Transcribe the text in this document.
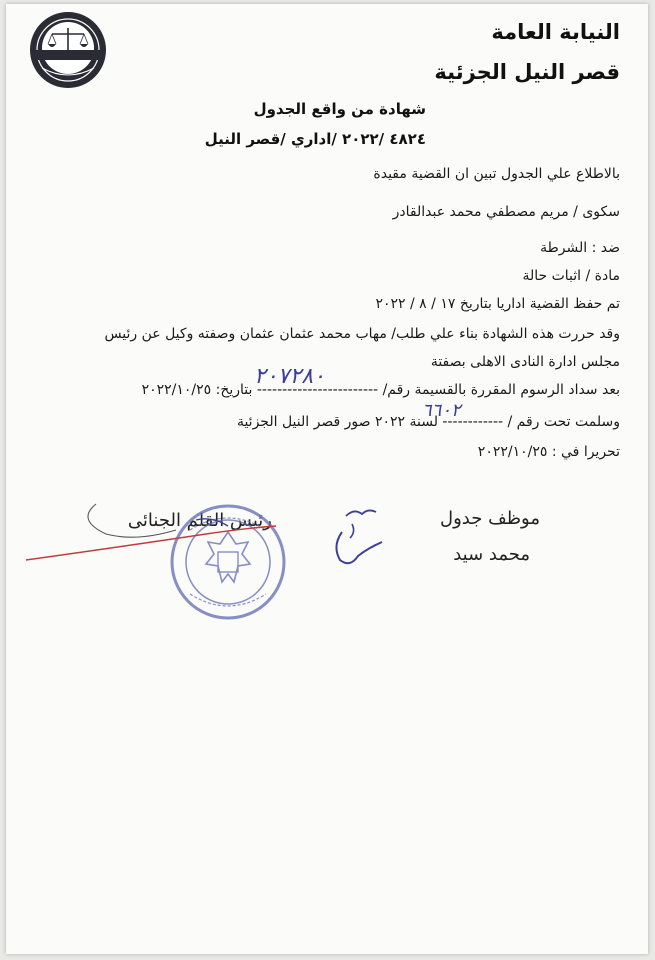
النيابة العامة
قصر النيل الجزئية
شهادة من واقع الجدول
٤٨٢٤ /٢٠٢٢ /اداري /قصر النيل
بالاطلاع علي الجدول تبين ان القضية مقيدة
سكوى / مريم مصطفي محمد عبدالقادر
ضد : الشرطة
مادة / اثبات حالة
تم حفظ القضية اداريا بتاريخ ١٧ / ٨ / ٢٠٢٢
وقد حررت هذه الشهادة بناء علي طلب/ مهاب محمد عثمان عثمان وصفته وكيل عن رئيس
مجلس ادارة النادى الاهلى بصفتة
بعد سداد الرسوم المقررة بالقسيمة رقم/ ------------------------ بتاريخ: ٢٠٢٢/١٠/٢٥
٢٠٧٢٨٠
وسلمت تحت رقم / ------------ لسنة ٢٠٢٢ صور قصر النيل الجزئية
٦٦٠٢
تحريرا في : ٢٠٢٢/١٠/٢٥
موظف جدول
محمد سيد
رئيس القلم الجنائى
